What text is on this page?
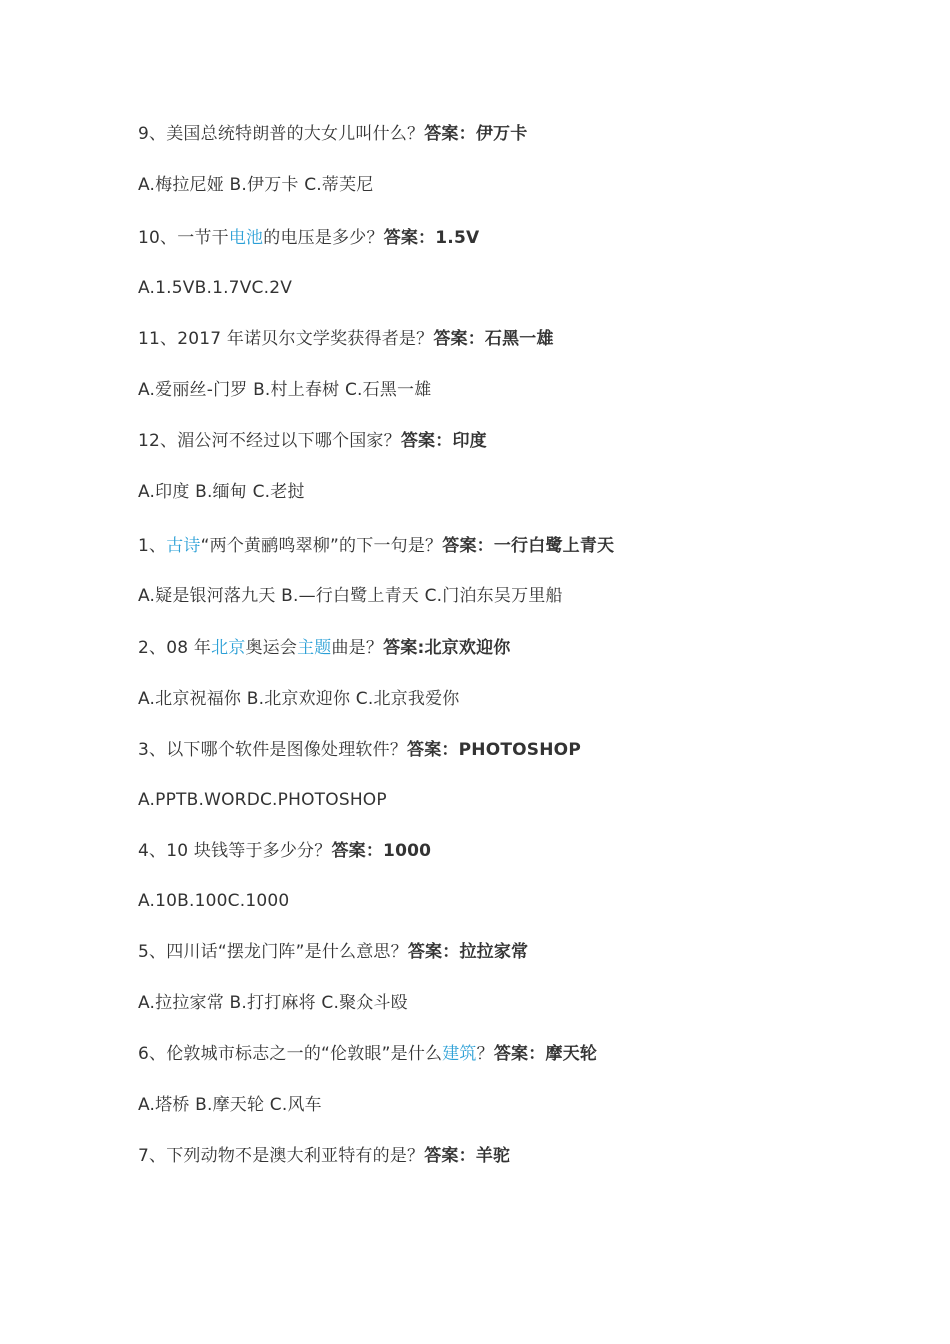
9、美国总统特朗普的大女儿叫什么？答案：伊万卡
A.梅拉尼娅 B.伊万卡 C.蒂芙尼
10、一节干电池的电压是多少？答案：1.5V
A.1.5VB.1.7VC.2V
11、2017 年诺贝尔文学奖获得者是？答案：石黑一雄
A.爱丽丝-门罗 B.村上春树 C.石黑一雄
12、湄公河不经过以下哪个国家？答案：印度
A.印度 B.缅甸 C.老挝
1、古诗“两个黄鹂鸣翠柳”的下一句是？答案：一行白鹭上青天
A.疑是银河落九天 B.—行白鹭上青天 C.门泊东吴万里船
2、08 年北京奥运会主题曲是？答案:北京欢迎你
A.北京祝福你 B.北京欢迎你 C.北京我爱你
3、以下哪个软件是图像处理软件？答案：PHOTOSHOP
A.PPTB.WORDC.PHOTOSHOP
4、10 块钱等于多少分？答案：1000
A.10B.100C.1000
5、四川话“摆龙门阵”是什么意思？答案：拉拉家常
A.拉拉家常 B.打打麻将 C.聚众斗殴
6、伦敦城市标志之一的“伦敦眼”是什么建筑？答案：摩天轮
A.塔桥 B.摩天轮 C.风车
7、下列动物不是澳大利亚特有的是？答案：羊驼
